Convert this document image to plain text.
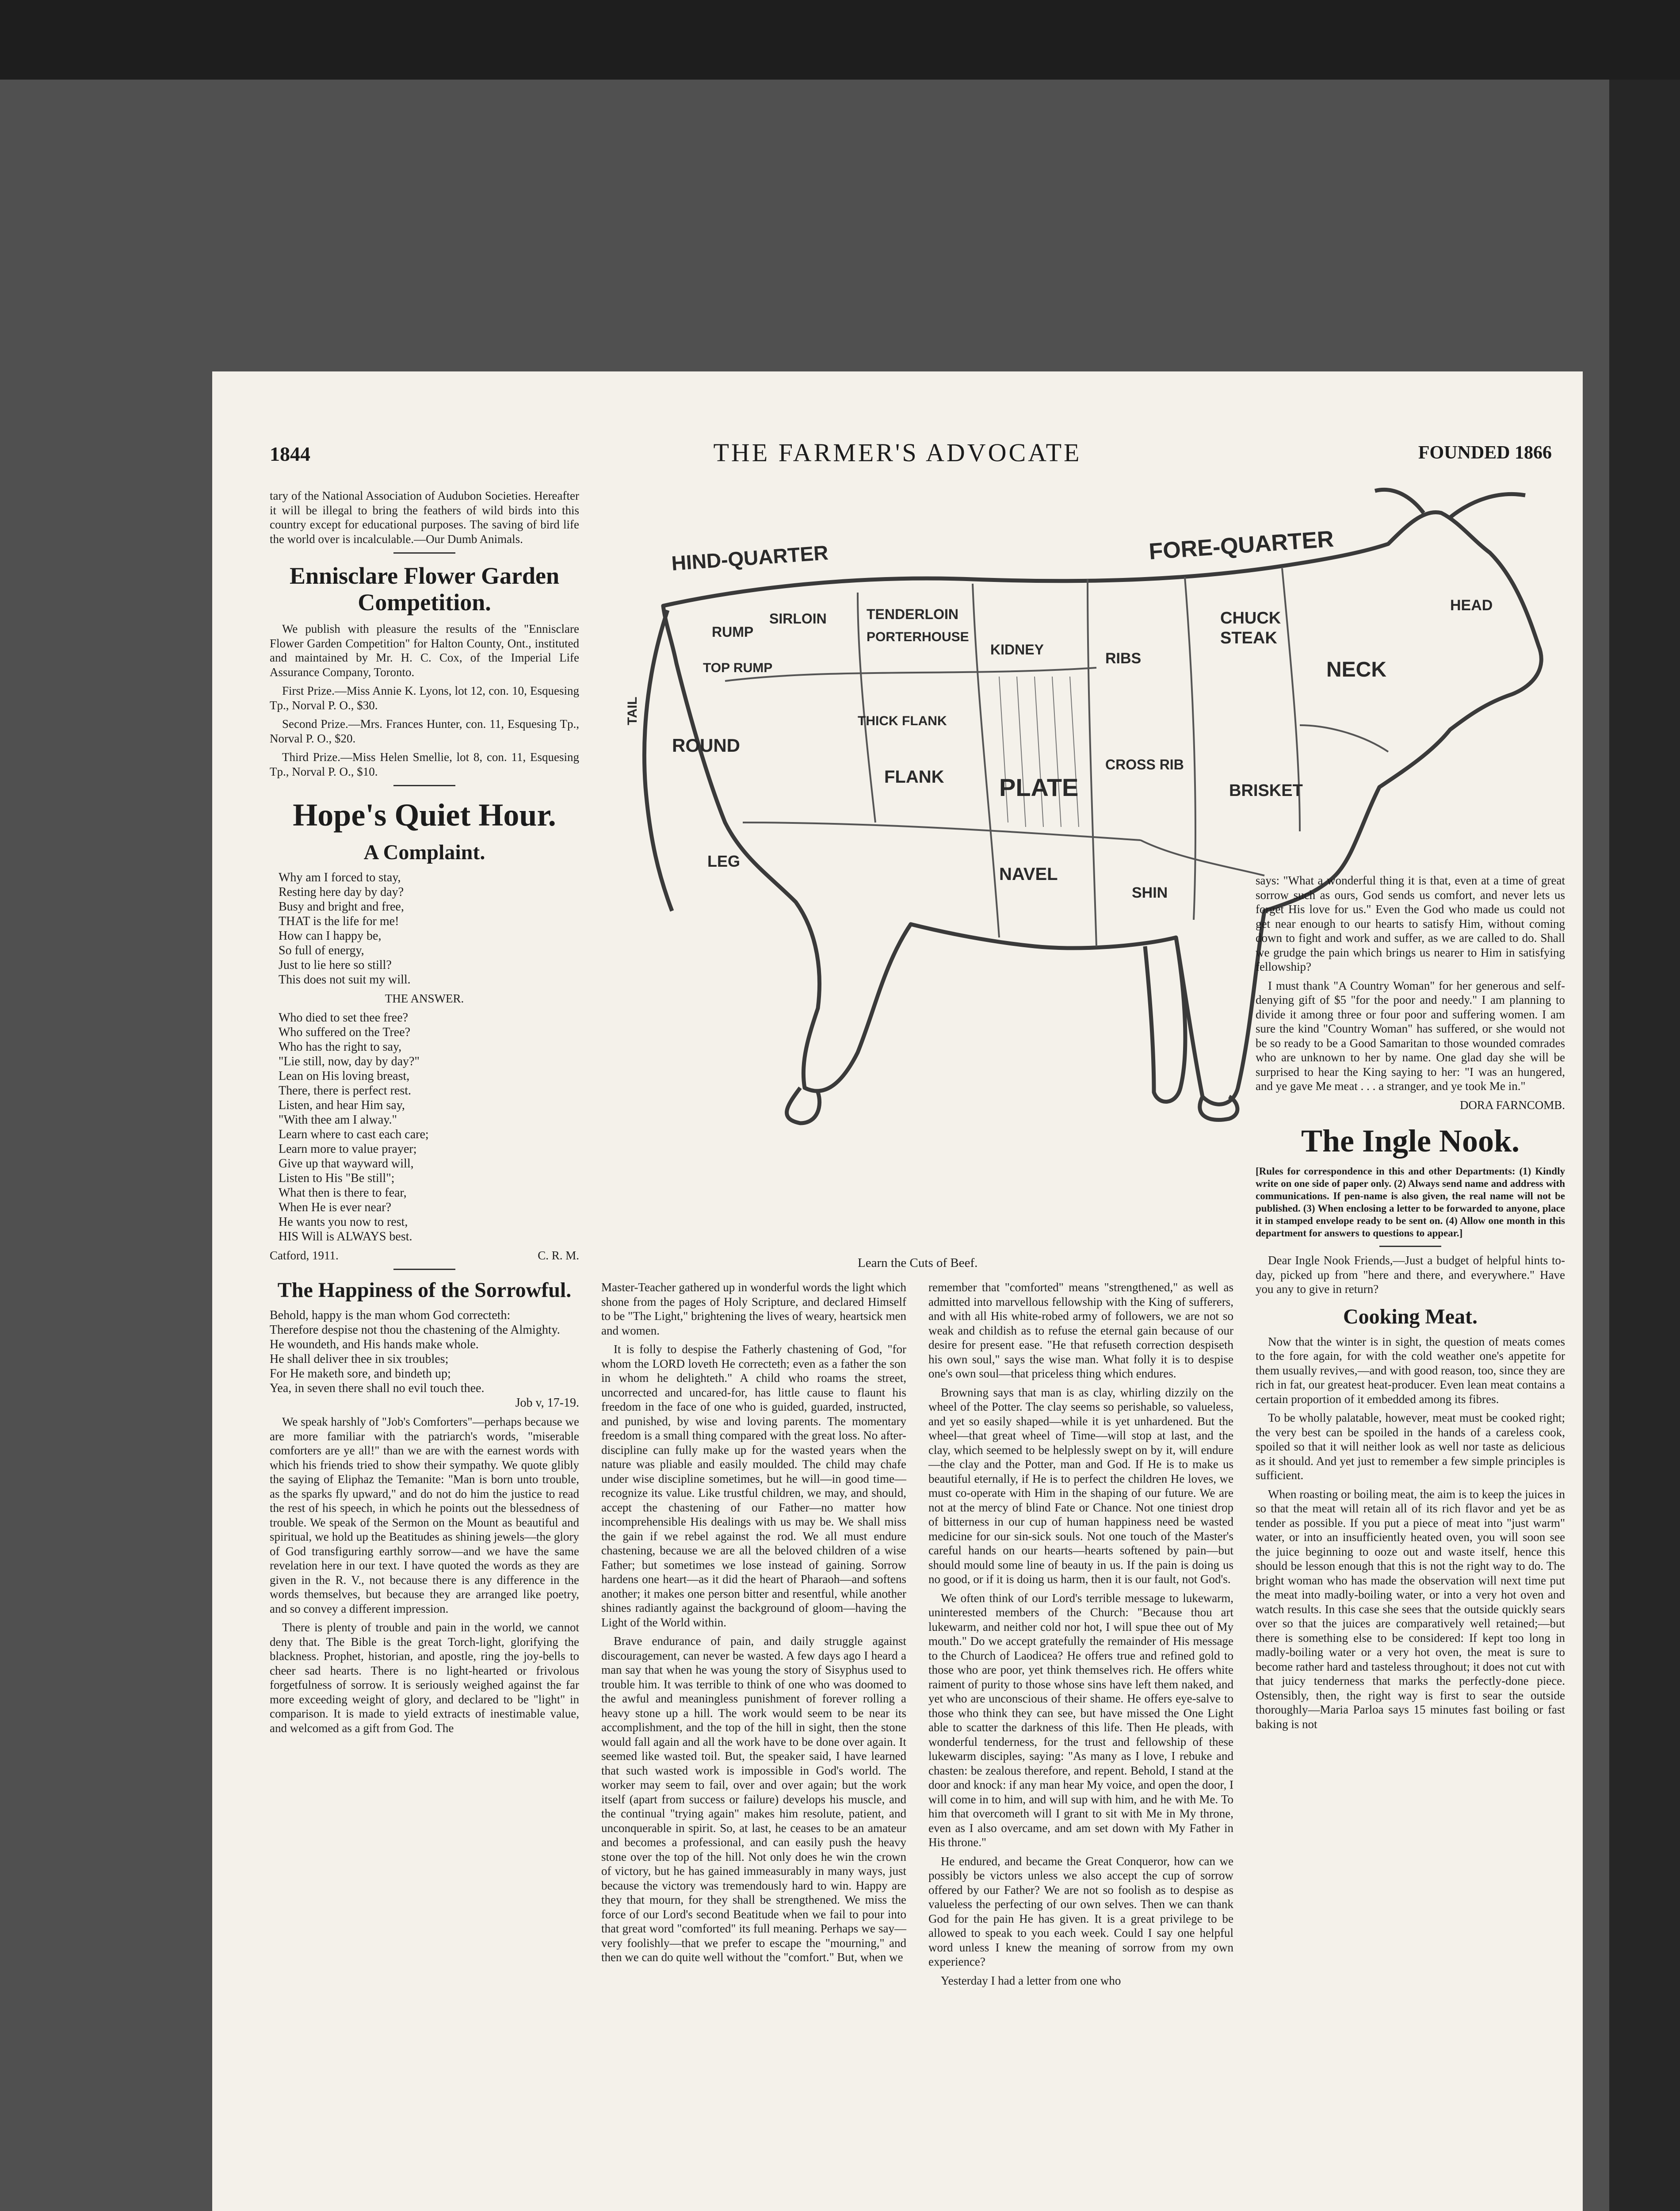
1844	THE FARMER'S ADVOCATE	FOUNDED 1866

tary of the National Association of Audubon Societies. Hereafter it will be illegal to bring the feathers of wild birds into this country except for educational purposes. The saving of bird life the world over is incalculable.—Our Dumb Animals.

Ennisclare Flower Garden Competition.

We publish with pleasure the results of the "Ennisclare Flower Garden Competition" for Halton County, Ont., instituted and maintained by Mr. H. C. Cox, of the Imperial Life Assurance Company, Toronto.

First Prize.—Miss Annie K. Lyons, lot 12, con. 10, Esquesing Tp., Norval P. O., $30.

Second Prize.—Mrs. Frances Hunter, con. 11, Esquesing Tp., Norval P. O., $20.

Third Prize.—Miss Helen Smellie, lot 8, con. 11, Esquesing Tp., Norval P. O., $10.

Hope's Quiet Hour.
A Complaint.
Why am I forced to stay,
Resting here day by day?
Busy and bright and free,
THAT is the life for me!
How can I happy be,
So full of energy,
Just to lie here so still?
This does not suit my will.

THE ANSWER.

Who died to set thee free?
Who suffered on the Tree?
Who has the right to say,
"Lie still, now, day by day?"
Lean on His loving breast,
There, there is perfect rest.
Listen, and hear Him say,
"With thee am I alway."
Learn where to cast each care;
Learn more to value prayer;
Give up that wayward will,
Listen to His "Be still";
What then is there to fear,
When He is ever near?
He wants you now to rest,
HIS Will is ALWAYS best.
Catford, 1911.	C. R. M.
The Happiness of the Sorrowful.
Behold, happy is the man whom God correcteth:
Therefore despise not thou the chastening of the Almighty.
He woundeth, and His hands make whole.
He shall deliver thee in six troubles;
For He maketh sore, and bindeth up;
Yea, in seven there shall no evil touch thee.
Job v, 17-19.

We speak harshly of "Job's Comforters"—perhaps because we are more familiar with the patriarch's words, "miserable comforters are ye all!" than we are with the earnest words with which his friends tried to show their sympathy. We quote glibly the saying of Eliphaz the Temanite: "Man is born unto trouble, as the sparks fly upward," and do not do him the justice to read the rest of his speech, in which he points out the blessedness of trouble. We speak of the Sermon on the Mount as beautiful and spiritual, we hold up the Beatitudes as shining jewels—the glory of God transfiguring earthly sorrow—and we have the same revelation here in our text. I have quoted the words as they are given in the R. V., not because there is any difference in the words themselves, but because they are arranged like poetry, and so convey a different impression.

There is plenty of trouble and pain in the world, we cannot deny that. The Bible is the great Torch-light, glorifying the blackness. Prophet, historian, and apostle, ring the joy-bells to cheer sad hearts. There is no light-hearted or frivolous forgetfulness of sorrow. It is seriously weighed against the far more exceeding weight of glory, and declared to be "light" in comparison. It is made to yield extracts of inestimable value, and welcomed as a gift from God. The

HIND-QUARTER	FORE-QUARTER
RUMP
SIRLOIN	TENDERLOIN
PORTERHOUSE
TOP RUMP
KIDNEY
RIBS
CHUCK
STEAK
NECK
ROUND
THICK FLANK
FLANK PLATE
CROSS RIB
BRISKET
NAVEL
LEG
SHIN
TAIL
HEAD
Learn the Cuts of Beef.

Master-Teacher gathered up in wonderful words the light which shone from the pages of Holy Scripture, and declared Himself to be "The Light," brightening the lives of weary, heartsick men and women.

It is folly to despise the Fatherly chastening of God, "for whom the LORD loveth He correcteth; even as a father the son in whom he delighteth." A child who roams the street, uncorrected and uncared-for, has little cause to flaunt his freedom in the face of one who is guided, guarded, instructed, and punished, by wise and loving parents. The momentary freedom is a small thing compared with the great loss. No after-discipline can fully make up for the wasted years when the nature was pliable and easily moulded. The child may chafe under wise discipline sometimes, but he will—in good time—recognize its value. Like trustful children, we may, and should, accept the chastening of our Father—no matter how incomprehensible His dealings with us may be. We shall miss the gain if we rebel against the rod. We all must endure chastening, because we are all the beloved children of a wise Father; but sometimes we lose instead of gaining. Sorrow hardens one heart—as it did the heart of Pharaoh—and softens another; it makes one person bitter and resentful, while another shines radiantly against the background of gloom—having the Light of the World within.

Brave endurance of pain, and daily struggle against discouragement, can never be wasted. A few days ago I heard a man say that when he was young the story of Sisyphus used to trouble him. It was terrible to think of one who was doomed to the awful and meaningless punishment of forever rolling a heavy stone up a hill. The work would seem to be near its accomplishment, and the top of the hill in sight, then the stone would fall again and all the work have to be done over again. It seemed like wasted toil. But, the speaker said, I have learned that such wasted work is impossible in God's world. The worker may seem to fail, over and over again; but the work itself (apart from success or failure) develops his muscle, and the continual "trying again" makes him resolute, patient, and unconquerable in spirit. So, at last, he ceases to be an amateur and becomes a professional, and can easily push the heavy stone over the top of the hill. Not only does he win the crown of victory, but he has gained immeasurably in many ways, just because the victory was tremendously hard to win. Happy are they that mourn, for they shall be strengthened. We miss the force of our Lord's second Beatitude when we fail to pour into that great word "comforted" its full meaning. Perhaps we say—very foolishly—that we prefer to escape the "mourning," and then we can do quite well without the "comfort." But, when we

remember that "comforted" means "strengthened," as well as admitted into marvellous fellowship with the King of sufferers, and with all His white-robed army of followers, we are not so weak and childish as to refuse the eternal gain because of our desire for present ease. "He that refuseth correction despiseth his own soul," says the wise man. What folly it is to despise one's own soul—that priceless thing which endures.

Browning says that man is as clay, whirling dizzily on the wheel of the Potter. The clay seems so perishable, so valueless, and yet so easily shaped—while it is yet unhardened. But the wheel—that great wheel of Time—will stop at last, and the clay, which seemed to be helplessly swept on by it, will endure—the clay and the Potter, man and God. If He is to make us beautiful eternally, if He is to perfect the children He loves, we must co-operate with Him in the shaping of our future. We are not at the mercy of blind Fate or Chance. Not one tiniest drop of bitterness in our cup of human happiness need be wasted medicine for our sin-sick souls. Not one touch of the Master's careful hands on our hearts—hearts softened by pain—but should mould some line of beauty in us. If the pain is doing us no good, or if it is doing us harm, then it is our fault, not God's.

We often think of our Lord's terrible message to lukewarm, uninterested members of the Church: "Because thou art lukewarm, and neither cold nor hot, I will spue thee out of My mouth." Do we accept gratefully the remainder of His message to the Church of Laodicea? He offers true and refined gold to those who are poor, yet think themselves rich. He offers white raiment of purity to those whose sins have left them naked, and yet who are unconscious of their shame. He offers eye-salve to those who think they can see, but have missed the One Light able to scatter the darkness of this life. Then He pleads, with wonderful tenderness, for the trust and fellowship of these lukewarm disciples, saying: "As many as I love, I rebuke and chasten: be zealous therefore, and repent. Behold, I stand at the door and knock: if any man hear My voice, and open the door, I will come in to him, and will sup with him, and he with Me. To him that overcometh will I grant to sit with Me in My throne, even as I also overcame, and am set down with My Father in His throne."

He endured, and became the Great Conqueror, how can we possibly be victors unless we also accept the cup of sorrow offered by our Father? We are not so foolish as to despise as valueless the perfecting of our own selves. Then we can thank God for the pain He has given. It is a great privilege to be allowed to speak to you each week. Could I say one helpful word unless I knew the meaning of sorrow from my own experience?

Yesterday I had a letter from one who

says: "What a wonderful thing it is that, even at a time of great sorrow such as ours, God sends us comfort, and never lets us forget His love for us." Even the God who made us could not get near enough to our hearts to satisfy Him, without coming down to fight and work and suffer, as we are called to do. Shall we grudge the pain which brings us nearer to Him in satisfying fellowship?

I must thank "A Country Woman" for her generous and self-denying gift of $5 "for the poor and needy." I am planning to divide it among three or four poor and suffering women. I am sure the kind "Country Woman" has suffered, or she would not be so ready to be a Good Samaritan to those wounded comrades who are unknown to her by name. One glad day she will be surprised to hear the King saying to her: "I was an hungered, and ye gave Me meat . . . a stranger, and ye took Me in."

DORA FARNCOMB.

The Ingle Nook.

[Rules for correspondence in this and other Departments: (1) Kindly write on one side of paper only. (2) Always send name and address with communications. If pen-name is also given, the real name will not be published. (3) When enclosing a letter to be forwarded to anyone, place it in stamped envelope ready to be sent on. (4) Allow one month in this department for answers to questions to appear.]

Dear Ingle Nook Friends,—Just a budget of helpful hints to-day, picked up from "here and there, and everywhere." Have you any to give in return?

Cooking Meat.

Now that the winter is in sight, the question of meats comes to the fore again, for with the cold weather one's appetite for them usually revives,—and with good reason, too, since they are rich in fat, our greatest heat-producer. Even lean meat contains a certain proportion of it embedded among its fibres.

To be wholly palatable, however, meat must be cooked right; the very best can be spoiled in the hands of a careless cook, spoiled so that it will neither look as well nor taste as delicious as it should. And yet just to remember a few simple principles is sufficient.

When roasting or boiling meat, the aim is to keep the juices in so that the meat will retain all of its rich flavor and yet be as tender as possible. If you put a piece of meat into "just warm" water, or into an insufficiently heated oven, you will soon see the juice beginning to ooze out and waste itself, hence this should be lesson enough that this is not the right way to do. The bright woman who has made the observation will next time put the meat into madly-boiling water, or into a very hot oven and watch results. In this case she sees that the outside quickly sears over so that the juices are comparatively well retained;—but there is something else to be considered: If kept too long in madly-boiling water or a very hot oven, the meat is sure to become rather hard and tasteless throughout; it does not cut with that juicy tenderness that marks the perfectly-done piece. Ostensibly, then, the right way is first to sear the outside thoroughly—Maria Parloa says 15 minutes fast boiling or fast baking is not
